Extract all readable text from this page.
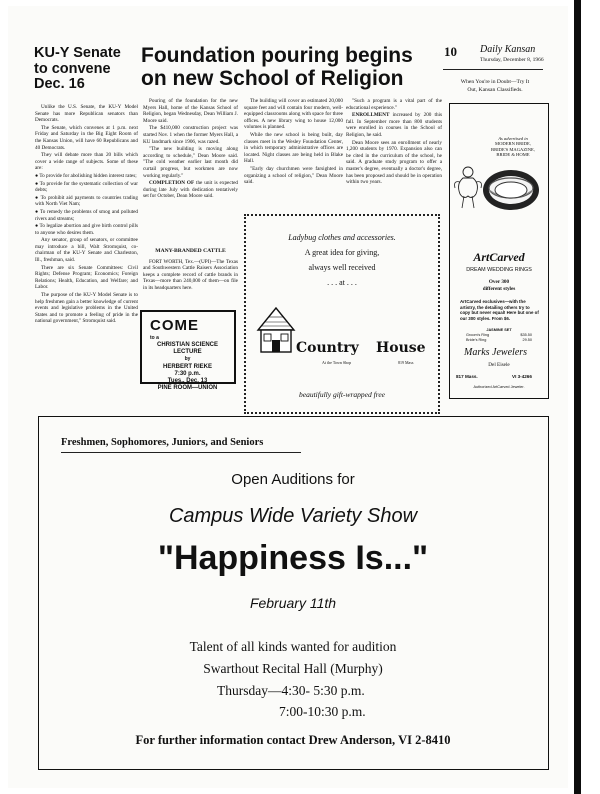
10 Daily Kansan
Thursday, December 8, 1966
When You're in Doubt—Try It
Out, Kansan Classifieds.
KU-Y Senate
to convene
Dec. 16

Unlike the U.S. Senate, the KU-Y Model Senate has more Republican senators than Democrats.

The Senate, which convenes at 1 p.m. next Friday and Saturday in the Big Eight Room of the Kansas Union, will have 60 Republicans and 40 Democrats.

They will debate more than 20 bills which cover a wide range of subjects. Some of these are:

● To provide for abolishing hidden interest rates;

● To provide for the systematic collection of war debts;

● To prohibit aid payments to countries trading with North Viet Nam;

● To remedy the problems of smog and polluted rivers and streams;

● To legalize abortion and give birth control pills to anyone who desires them.

Any senator, group of senators, or committee may introduce a bill, Walt Stromquist, co-chairman of the KU-Y Senate and Charleston, Ill., freshman, said.

There are six Senate Committees: Civil Rights; Defense Program; Economics; Foreign Relations; Health, Education, and Welfare; and Labor.

The purpose of the KU-Y Model Senate is to help freshmen gain a better knowledge of current events and legislative problems in the United States and to promote a feeling of pride in the national government," Stromquist said.

Foundation pouring begins
on new School of Religion

Pouring of the foundation for the new Myers Hall, home of the Kansas School of Religion, began Wednesday, Dean William J. Moore said.

The $410,000 construction project was started Nov. 1 when the former Myers Hall, a KU landmark since 1906, was razed.

"The new building is moving along according to schedule," Dean Moore said. "The cold weather earlier last month did curtail progress, but workmen are now working regularly."

COMPLETION OF the unit is expected during late July with dedication tentatively set for October, Dean Moore said.

MANY-BRANDED CATTLE

FORT WORTH, Tex.—(UPI)—The Texas and Southwestern Cattle Raisers Association keeps a complete record of cattle brands in Texas—more than 240,000 of them—on file in its headquarters here.

The building will cover an estimated 20,000 square feet and will contain four modern, well-equipped classrooms along with space for three offices. A new library wing to house 12,000 volumes is planned.

While the new school is being built, day classes meet in the Wesley Foundation Center, in which temporary administrative offices are located. Night classes are being held in Blake Hall.

"Early day churchmen were farsighted in organizing a school of religion," Dean Moore said.

"Such a program is a vital part of the educational experience."

ENROLLMENT increased by 200 this fall. In September more than 800 students were enrolled in courses in the School of Religion, he said.

Dean Moore sees an enrollment of nearly 1,200 students by 1970. Expansion also can be cited in the curriculum of the school, he said. A graduate study program to offer a master's degree, eventually a doctor's degree, has been proposed and should be in operation within two years.

COME
to a
CHRISTIAN SCIENCE
LECTURE
by
HERBERT RIEKE
7:30 p.m.
Tues., Dec. 13
PINE ROOM—UNION
Ladybug clothes and accessories.
A great idea for giving,
always well received
. . . at . . .
Country House
At the Town Shop	819 Mass
beautifully gift-wrapped free
As advertised in
MODERN BRIDE,
BRIDE'S MAGAZINE,
BRIDE & HOME
ArtCarved
DREAM WEDDING RINGS
Over 300
different styles
ArtCarved exclusives—with the artistry, the detailing others try to copy but never equal! Here but one of our 300 styles. From $6.
JASMINE SET
Groom's Ring	$35.50
Bride's Ring	29.50
Marks Jewelers
Del Eisele
817 Mass.	VI 3-4266
Authorized ArtCarved Jeweler.
Freshmen, Sophomores, Juniors, and Seniors
Open Auditions for
Campus Wide Variety Show
"Happiness Is..."
February 11th
Talent of all kinds wanted for audition
Swarthout Recital Hall (Murphy)
Thursday—4:30- 5:30 p.m.
7:00-10:30 p.m.
For further information contact Drew Anderson, VI 2-8410
